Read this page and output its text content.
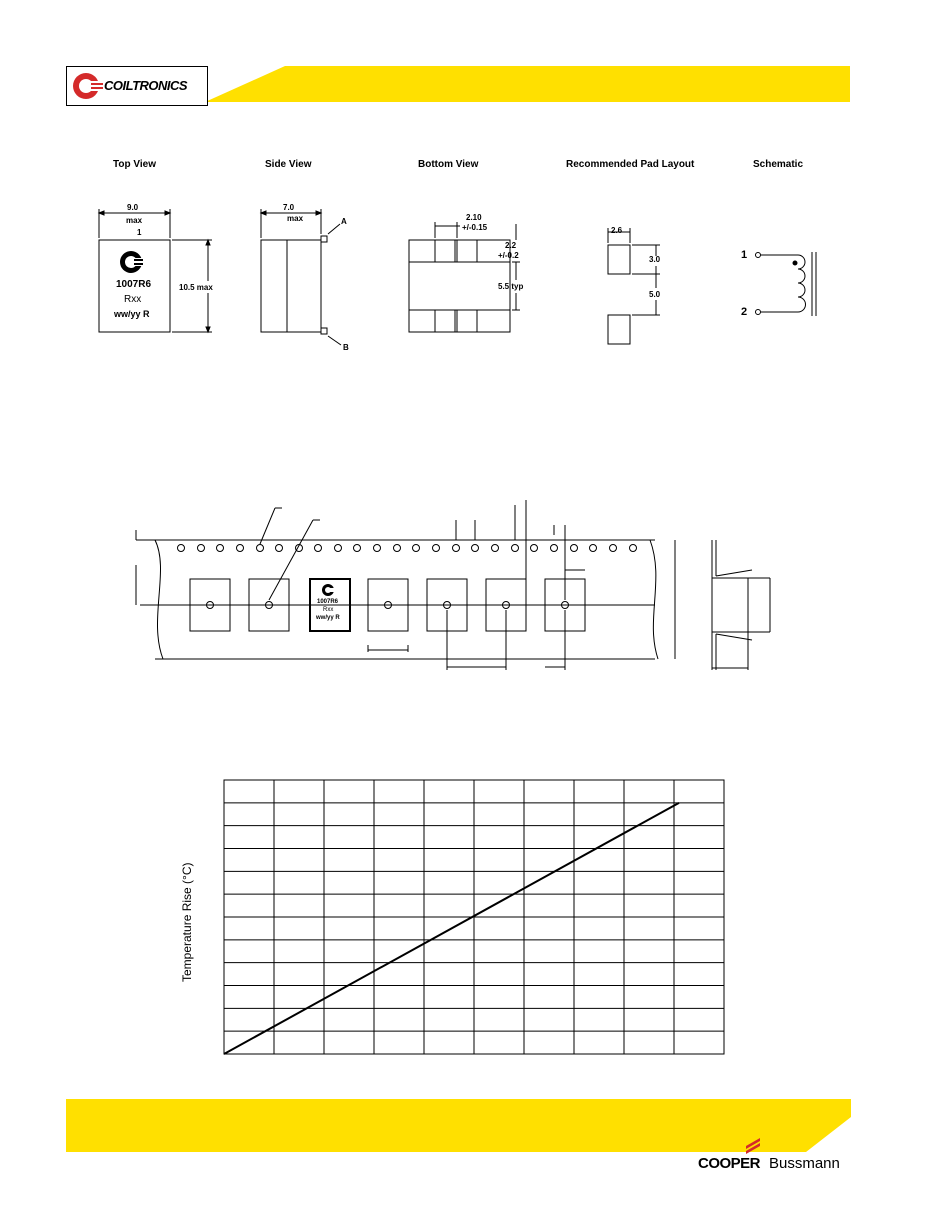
COILTRONICS
Top View	Side View	Bottom View	Recommended Pad Layout	Schematic
9.0
max
1
10.5 max
1007R6
Rxx
ww/yy R
7.0
max	A
B
2.10
+/-0.15
2.2
+/-0.2
5.5 typ
2.6
3.0
5.0
1
2
1007R6
Rxx
ww/yy R
Temperature Rise (°C)
COOPER Bussmann
